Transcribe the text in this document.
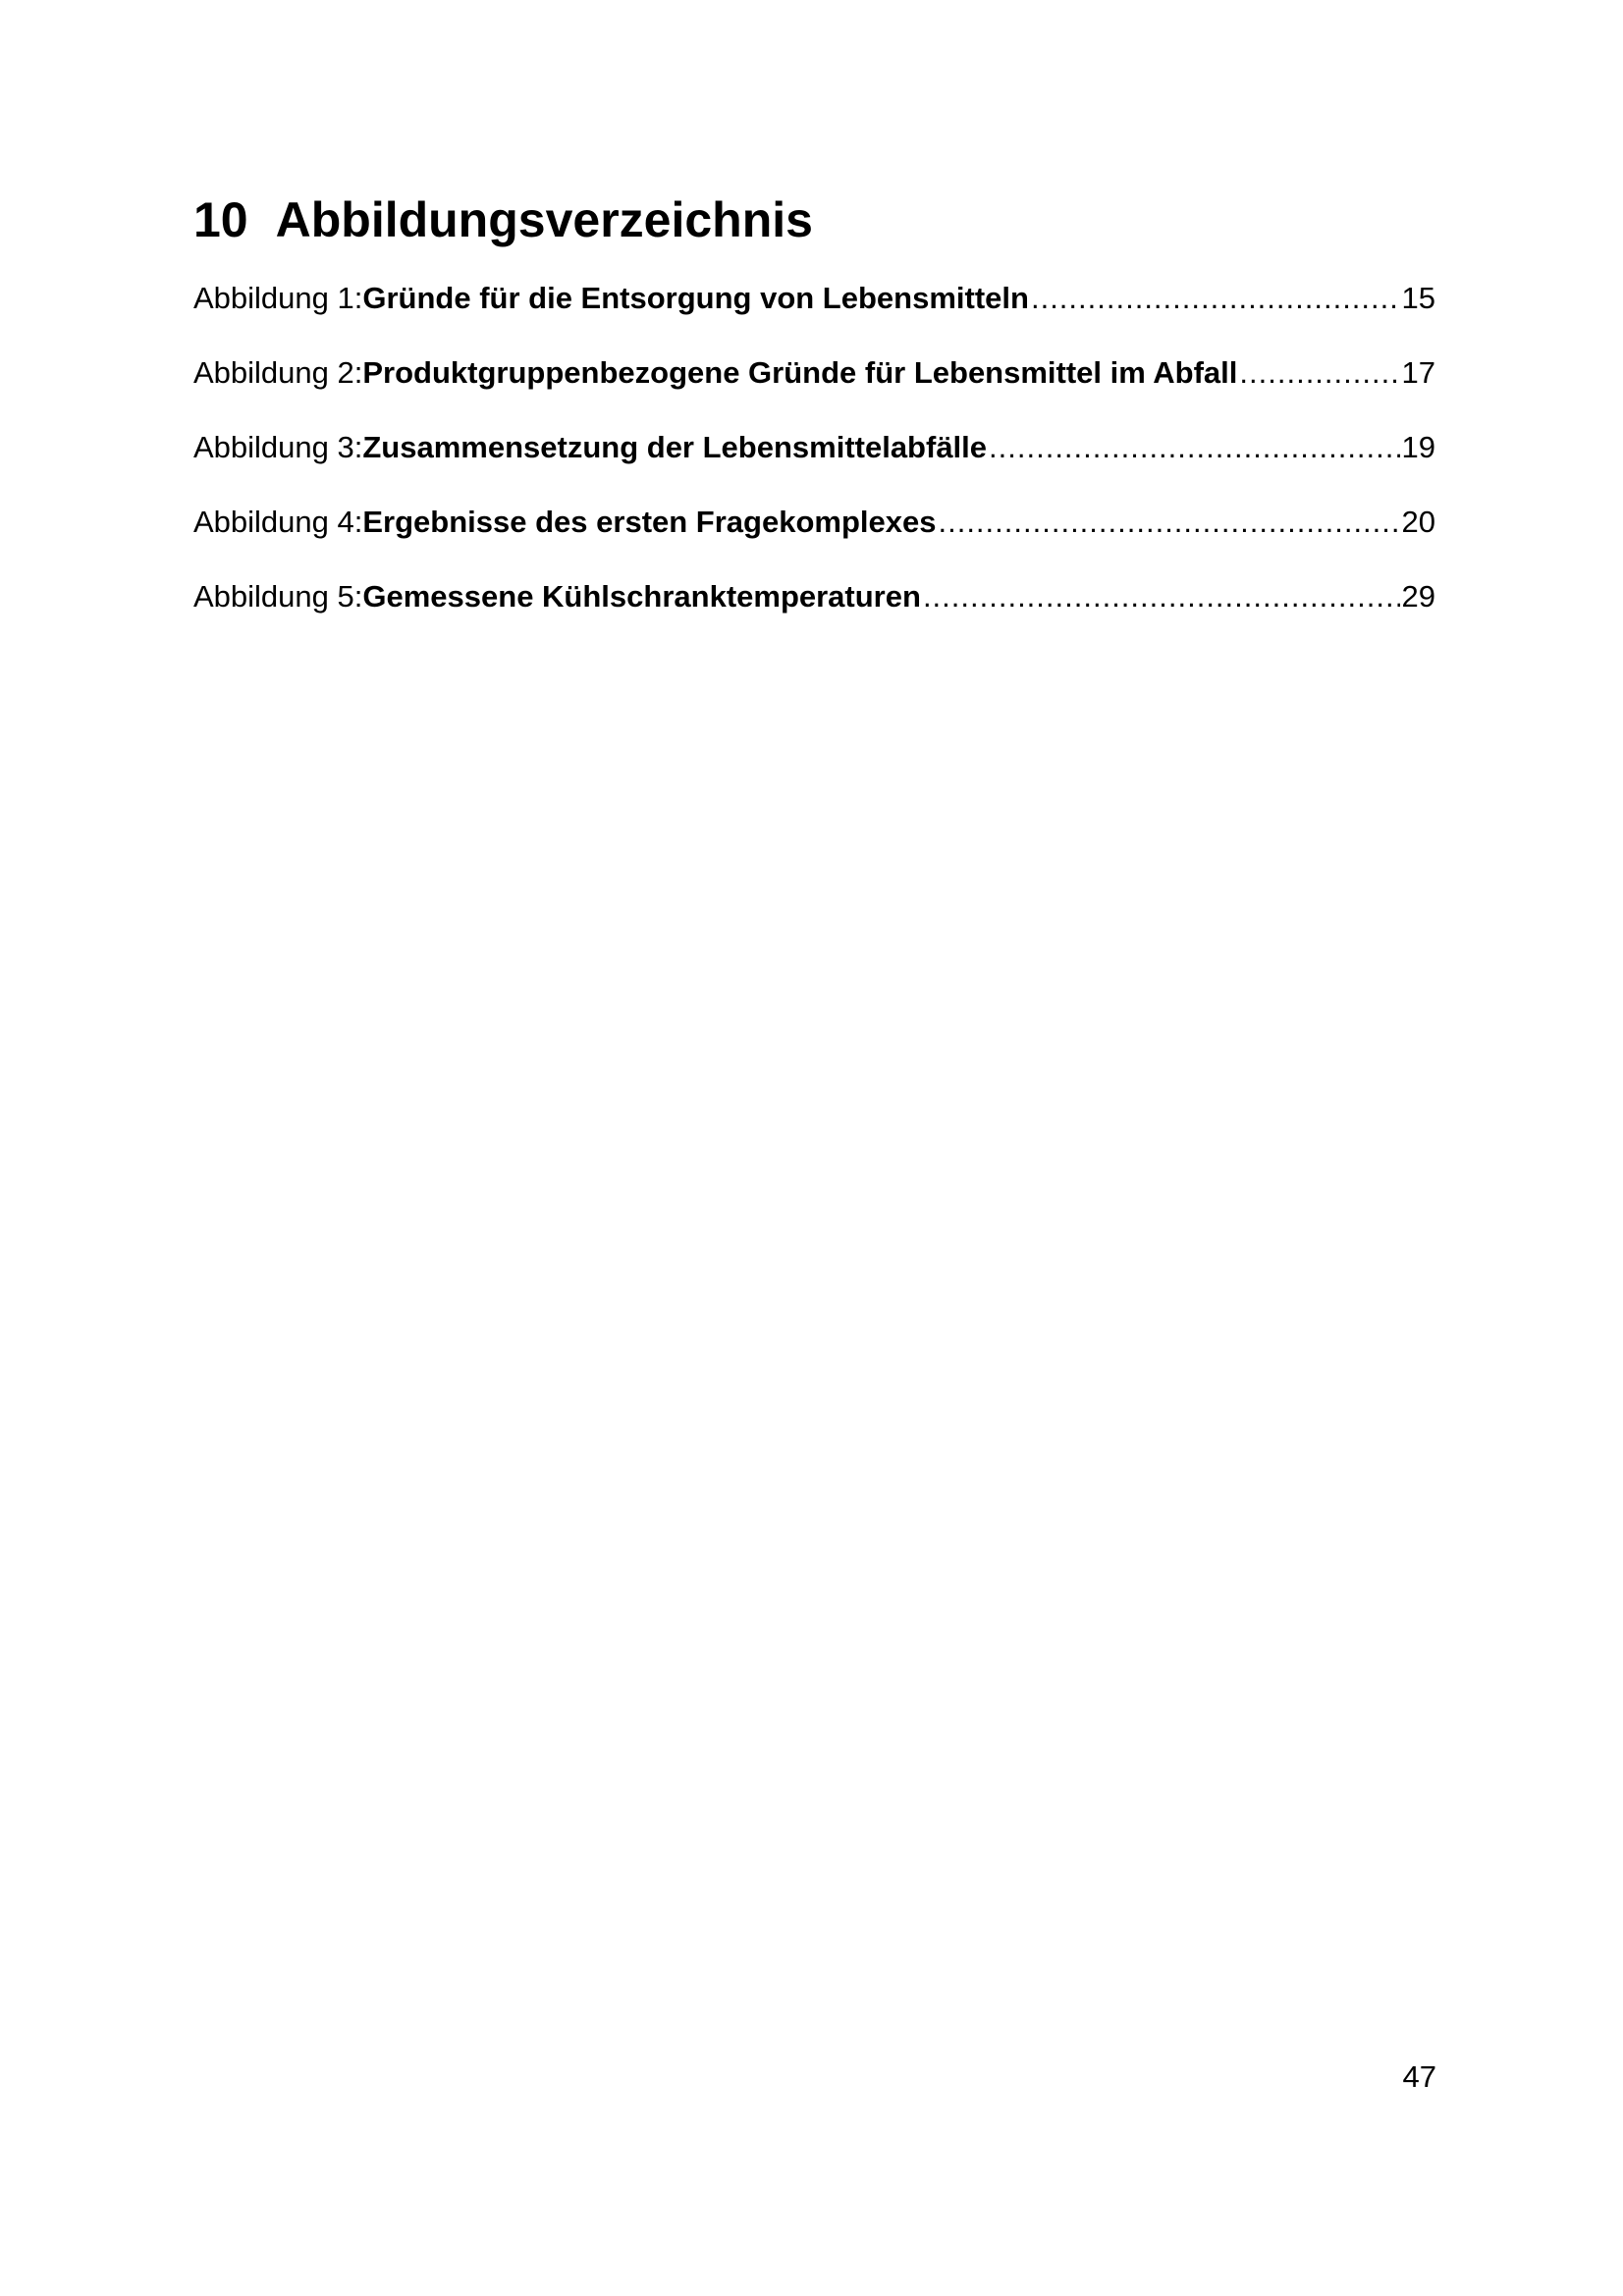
10 Abbildungsverzeichnis
Abbildung 1: Gründe für die Entsorgung von Lebensmitteln .....	15
Abbildung 2: Produktgruppenbezogene Gründe für Lebensmittel im Abfall .....	17
Abbildung 3: Zusammensetzung der Lebensmittelabfälle .....	19
Abbildung 4: Ergebnisse des ersten Fragekomplexes .....	20
Abbildung 5: Gemessene Kühlschranktemperaturen .....	29
47
